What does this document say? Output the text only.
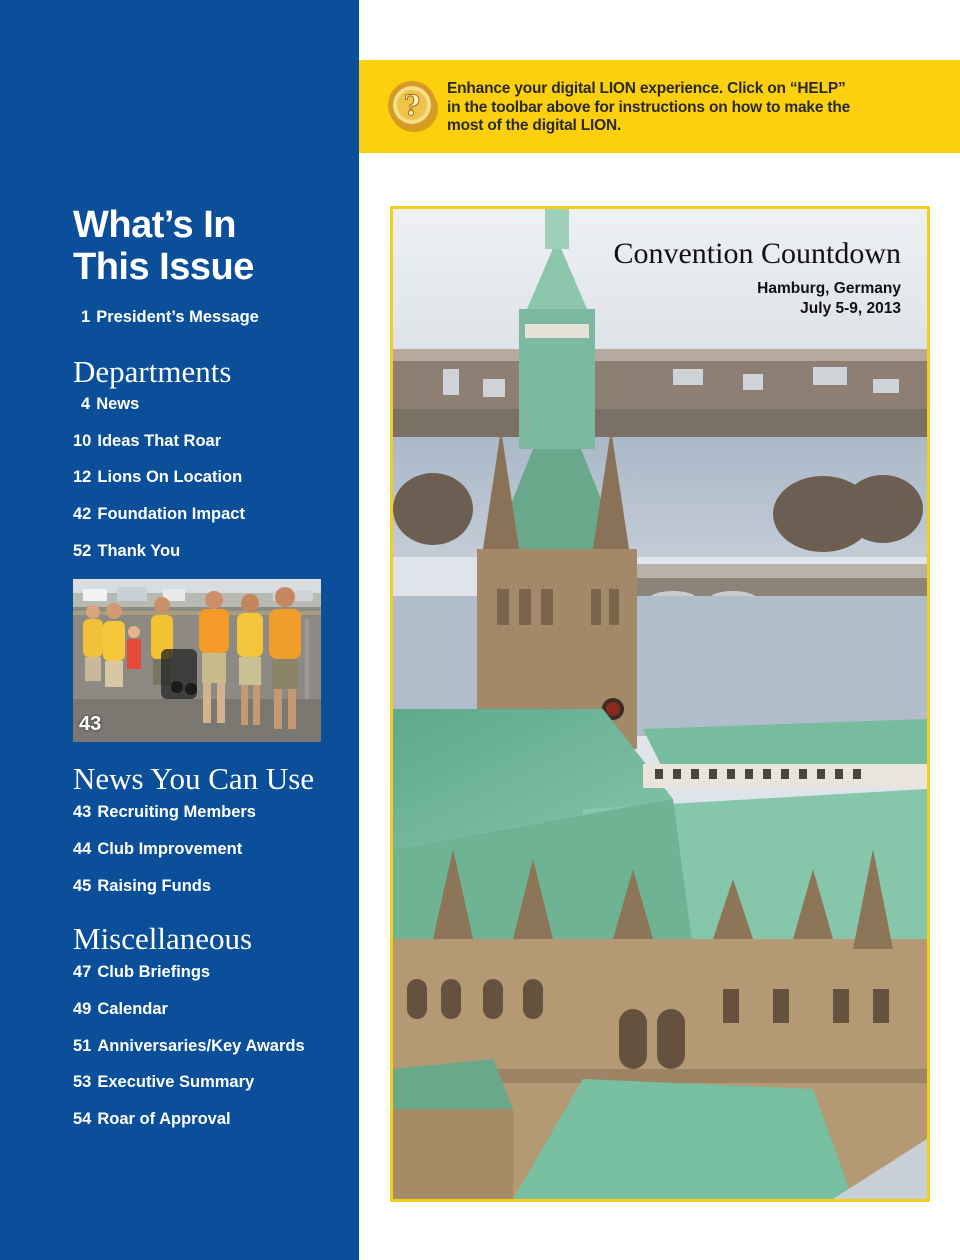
What’s In
This Issue
1 President’s Message
Departments
4 News
10 Ideas That Roar
12 Lions On Location
42 Foundation Impact
52 Thank You
43
News You Can Use
43 Recruiting Members
44 Club Improvement
45 Raising Funds
Miscellaneous
47 Club Briefings
49 Calendar
51 Anniversaries/Key Awards
53 Executive Summary
54 Roar of Approval
?
Enhance your digital LION experience. Click on “HELP”
in the toolbar above for instructions on how to make the
most of the digital LION.
Convention Countdown
Hamburg, Germany
July 5-9, 2013
